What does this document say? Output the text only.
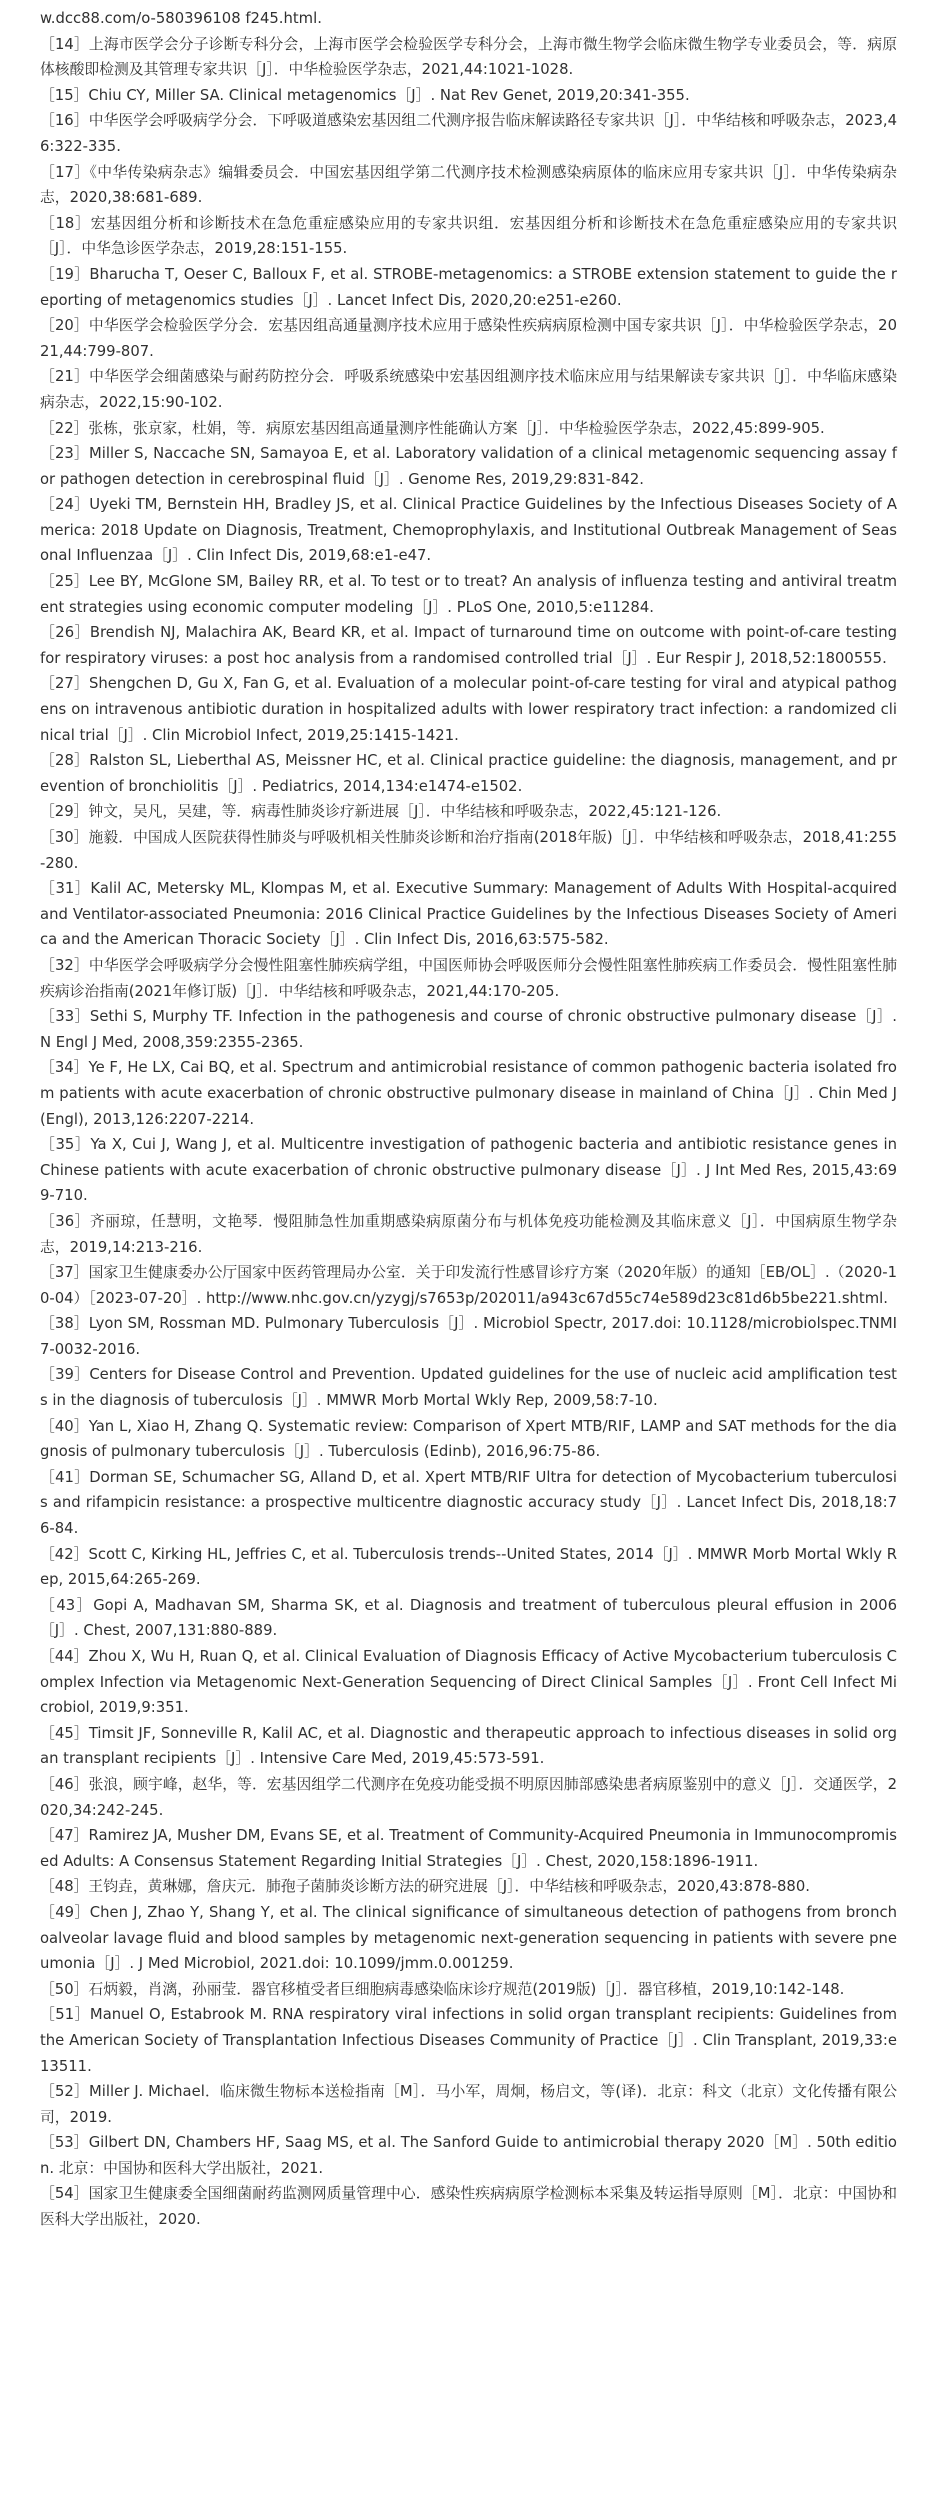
w.dcc88.com/o-580396108 f245.html.

［14］上海市医学会分子诊断专科分会，上海市医学会检验医学专科分会，上海市微生物学会临床微生物学专业委员会，等．病原体核酸即检测及其管理专家共识［J］．中华检验医学杂志，2021,44:1021-1028.

［15］Chiu CY, Miller SA. Clinical metagenomics［J］. Nat Rev Genet, 2019,20:341-355.

［16］中华医学会呼吸病学分会．下呼吸道感染宏基因组二代测序报告临床解读路径专家共识［J］．中华结核和呼吸杂志，2023,46:322-335.

［17］《中华传染病杂志》编辑委员会．中国宏基因组学第二代测序技术检测感染病原体的临床应用专家共识［J］．中华传染病杂志，2020,38:681-689.

［18］宏基因组分析和诊断技术在急危重症感染应用的专家共识组．宏基因组分析和诊断技术在急危重症感染应用的专家共识［J］．中华急诊医学杂志，2019,28:151-155.

［19］Bharucha T, Oeser C, Balloux F, et al. STROBE-metagenomics: a STROBE extension statement to guide the reporting of metagenomics studies［J］. Lancet Infect Dis, 2020,20:e251-e260.

［20］中华医学会检验医学分会．宏基因组高通量测序技术应用于感染性疾病病原检测中国专家共识［J］．中华检验医学杂志，2021,44:799-807.

［21］中华医学会细菌感染与耐药防控分会．呼吸系统感染中宏基因组测序技术临床应用与结果解读专家共识［J］．中华临床感染病杂志，2022,15:90-102.

［22］张栋，张京家，杜娟，等．病原宏基因组高通量测序性能确认方案［J］．中华检验医学杂志，2022,45:899-905.

［23］Miller S, Naccache SN, Samayoa E, et al. Laboratory validation of a clinical metagenomic sequencing assay for pathogen detection in cerebrospinal fluid［J］. Genome Res, 2019,29:831-842.

［24］Uyeki TM, Bernstein HH, Bradley JS, et al. Clinical Practice Guidelines by the Infectious Diseases Society of America: 2018 Update on Diagnosis, Treatment, Chemoprophylaxis, and Institutional Outbreak Management of Seasonal Influenzaa［J］. Clin Infect Dis, 2019,68:e1-e47.

［25］Lee BY, McGlone SM, Bailey RR, et al. To test or to treat? An analysis of influenza testing and antiviral treatment strategies using economic computer modeling［J］. PLoS One, 2010,5:e11284.

［26］Brendish NJ, Malachira AK, Beard KR, et al. Impact of turnaround time on outcome with point-of-care testing for respiratory viruses: a post hoc analysis from a randomised controlled trial［J］. Eur Respir J, 2018,52:1800555.

［27］Shengchen D, Gu X, Fan G, et al. Evaluation of a molecular point-of-care testing for viral and atypical pathogens on intravenous antibiotic duration in hospitalized adults with lower respiratory tract infection: a randomized clinical trial［J］. Clin Microbiol Infect, 2019,25:1415-1421.

［28］Ralston SL, Lieberthal AS, Meissner HC, et al. Clinical practice guideline: the diagnosis, management, and prevention of bronchiolitis［J］. Pediatrics, 2014,134:e1474-e1502.

［29］钟文，吴凡，吴建，等．病毒性肺炎诊疗新进展［J］．中华结核和呼吸杂志，2022,45:121-126.

［30］施毅．中国成人医院获得性肺炎与呼吸机相关性肺炎诊断和治疗指南(2018年版)［J］．中华结核和呼吸杂志，2018,41:255-280.

［31］Kalil AC, Metersky ML, Klompas M, et al. Executive Summary: Management of Adults With Hospital-acquired and Ventilator-associated Pneumonia: 2016 Clinical Practice Guidelines by the Infectious Diseases Society of America and the American Thoracic Society［J］. Clin Infect Dis, 2016,63:575-582.

［32］中华医学会呼吸病学分会慢性阻塞性肺疾病学组，中国医师协会呼吸医师分会慢性阻塞性肺疾病工作委员会．慢性阻塞性肺疾病诊治指南(2021年修订版)［J］．中华结核和呼吸杂志，2021,44:170-205.

［33］Sethi S, Murphy TF. Infection in the pathogenesis and course of chronic obstructive pulmonary disease［J］. N Engl J Med, 2008,359:2355-2365.

［34］Ye F, He LX, Cai BQ, et al. Spectrum and antimicrobial resistance of common pathogenic bacteria isolated from patients with acute exacerbation of chronic obstructive pulmonary disease in mainland of China［J］. Chin Med J (Engl), 2013,126:2207-2214.

［35］Ya X, Cui J, Wang J, et al. Multicentre investigation of pathogenic bacteria and antibiotic resistance genes in Chinese patients with acute exacerbation of chronic obstructive pulmonary disease［J］. J Int Med Res, 2015,43:699-710.

［36］齐丽琼，任慧明，文艳琴．慢阻肺急性加重期感染病原菌分布与机体免疫功能检测及其临床意义［J］．中国病原生物学杂志，2019,14:213-216.

［37］国家卫生健康委办公厅国家中医药管理局办公室．关于印发流行性感冒诊疗方案（2020年版）的通知［EB/OL］.（2020-10-04）［2023-07-20］. http://www.nhc.gov.cn/yzygj/s7653p/202011/a943c67d55c74e589d23c81d6b5be221.shtml.

［38］Lyon SM, Rossman MD. Pulmonary Tuberculosis［J］. Microbiol Spectr, 2017.doi: 10.1128/microbiolspec.TNMI7-0032-2016.

［39］Centers for Disease Control and Prevention. Updated guidelines for the use of nucleic acid amplification tests in the diagnosis of tuberculosis［J］. MMWR Morb Mortal Wkly Rep, 2009,58:7-10.

［40］Yan L, Xiao H, Zhang Q. Systematic review: Comparison of Xpert MTB/RIF, LAMP and SAT methods for the diagnosis of pulmonary tuberculosis［J］. Tuberculosis (Edinb), 2016,96:75-86.

［41］Dorman SE, Schumacher SG, Alland D, et al. Xpert MTB/RIF Ultra for detection of Mycobacterium tuberculosis and rifampicin resistance: a prospective multicentre diagnostic accuracy study［J］. Lancet Infect Dis, 2018,18:76-84.

［42］Scott C, Kirking HL, Jeffries C, et al. Tuberculosis trends--United States, 2014［J］. MMWR Morb Mortal Wkly Rep, 2015,64:265-269.

［43］Gopi A, Madhavan SM, Sharma SK, et al. Diagnosis and treatment of tuberculous pleural effusion in 2006［J］. Chest, 2007,131:880-889.

［44］Zhou X, Wu H, Ruan Q, et al. Clinical Evaluation of Diagnosis Efficacy of Active Mycobacterium tuberculosis Complex Infection via Metagenomic Next-Generation Sequencing of Direct Clinical Samples［J］. Front Cell Infect Microbiol, 2019,9:351.

［45］Timsit JF, Sonneville R, Kalil AC, et al. Diagnostic and therapeutic approach to infectious diseases in solid organ transplant recipients［J］. Intensive Care Med, 2019,45:573-591.

［46］张浪，顾宇峰，赵华，等．宏基因组学二代测序在免疫功能受损不明原因肺部感染患者病原鉴别中的意义［J］．交通医学，2020,34:242-245.

［47］Ramirez JA, Musher DM, Evans SE, et al. Treatment of Community-Acquired Pneumonia in Immunocompromised Adults: A Consensus Statement Regarding Initial Strategies［J］. Chest, 2020,158:1896-1911.

［48］王钧垚，黄琳娜，詹庆元．肺孢子菌肺炎诊断方法的研究进展［J］．中华结核和呼吸杂志，2020,43:878-880.

［49］Chen J, Zhao Y, Shang Y, et al. The clinical significance of simultaneous detection of pathogens from bronchoalveolar lavage fluid and blood samples by metagenomic next-generation sequencing in patients with severe pneumonia［J］. J Med Microbiol, 2021.doi: 10.1099/jmm.0.001259.

［50］石炳毅，肖漓，孙丽莹．器官移植受者巨细胞病毒感染临床诊疗规范(2019版)［J］．器官移植，2019,10:142-148.

［51］Manuel O, Estabrook M. RNA respiratory viral infections in solid organ transplant recipients: Guidelines from the American Society of Transplantation Infectious Diseases Community of Practice［J］. Clin Transplant, 2019,33:e13511.

［52］Miller J. Michael．临床微生物标本送检指南［M］．马小军，周炯，杨启文，等(译)．北京：科文（北京）文化传播有限公司，2019.

［53］Gilbert DN, Chambers HF, Saag MS, et al. The Sanford Guide to antimicrobial therapy 2020［M］. 50th edition. 北京：中国协和医科大学出版社，2021.

［54］国家卫生健康委全国细菌耐药监测网质量管理中心．感染性疾病病原学检测标本采集及转运指导原则［M］．北京：中国协和医科大学出版社，2020.
